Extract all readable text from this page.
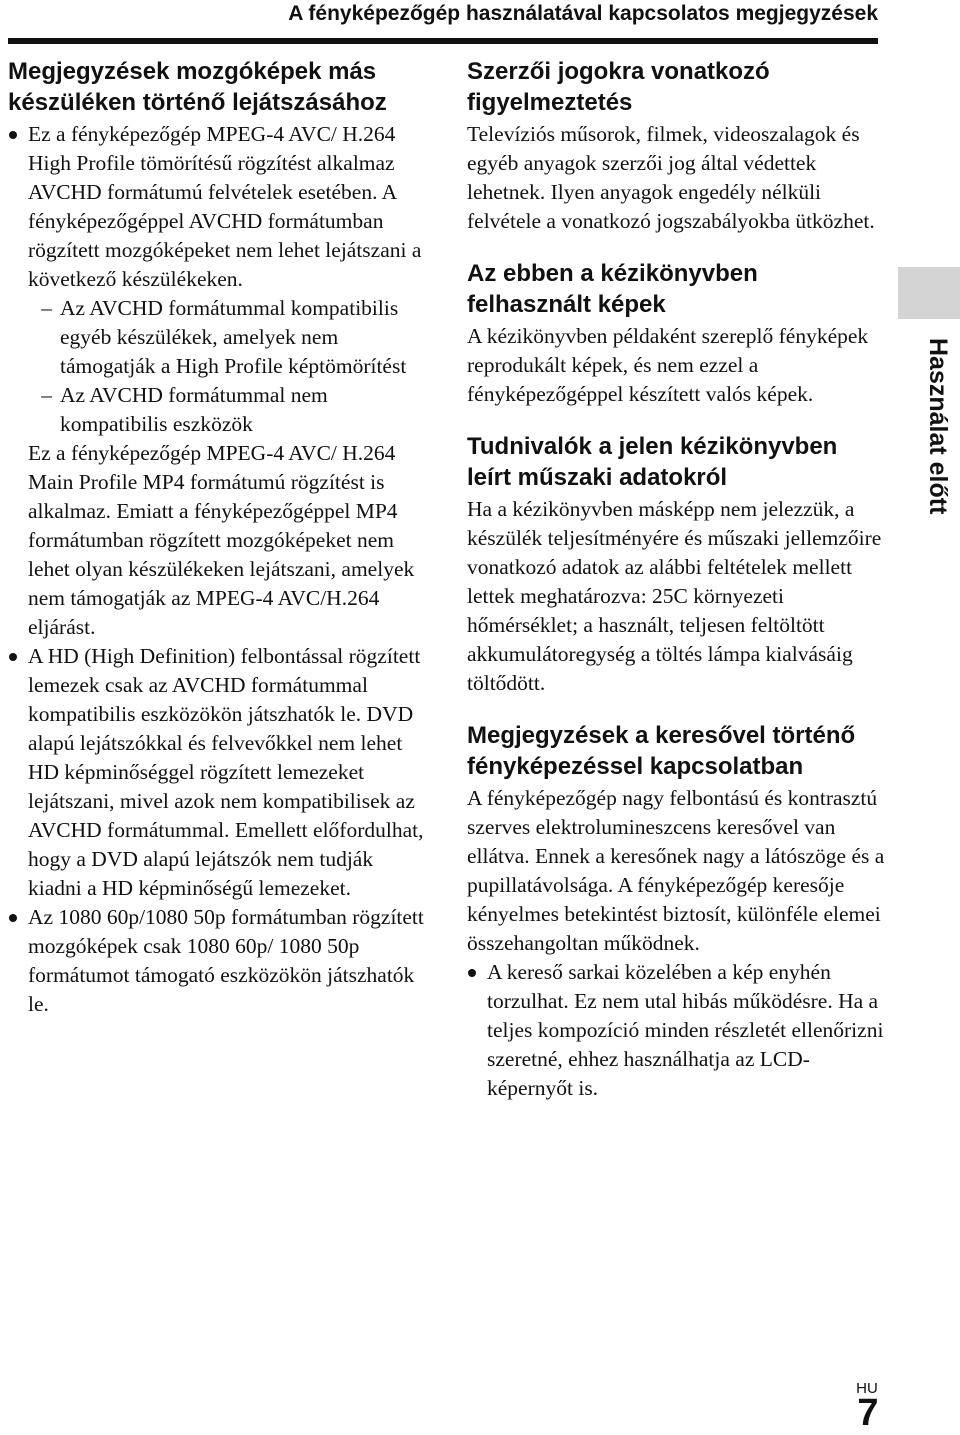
A fényképezőgép használatával kapcsolatos megjegyzések
Megjegyzések mozgóképek más készüléken történő lejátszásához

Ez a fényképezőgép MPEG-4 AVC/ H.264 High Profile tömörítésű rögzítést alkalmaz AVCHD formátumú felvételek esetében. A fényképezőgéppel AVCHD formátumban rögzített mozgóképeket nem lehet lejátszani a következő készülékeken.

– Az AVCHD formátummal kompatibilis egyéb készülékek, amelyek nem támogatják a High Profile képtömörítést
– Az AVCHD formátummal nem kompatibilis eszközök

Ez a fényképezőgép MPEG-4 AVC/ H.264 Main Profile MP4 formátumú rögzítést is alkalmaz. Emiatt a fényképezőgéppel MP4 formátumban rögzített mozgóképeket nem lehet olyan készülékeken lejátszani, amelyek nem támogatják az MPEG-4 AVC/H.264 eljárást.

A HD (High Definition) felbontással rögzített lemezek csak az AVCHD formátummal kompatibilis eszközökön játszhatók le. DVD alapú lejátszókkal és felvevőkkel nem lehet HD képminőséggel rögzített lemezeket lejátszani, mivel azok nem kompatibilisek az AVCHD formátummal. Emellett előfordulhat, hogy a DVD alapú lejátszók nem tudják kiadni a HD képminőségű lemezeket.

Az 1080 60p/1080 50p formátumban rögzített mozgóképek csak 1080 60p/ 1080 50p formátumot támogató eszközökön játszhatók le.

Szerzői jogokra vonatkozó figyelmeztetés

Televíziós műsorok, filmek, videoszalagok és egyéb anyagok szerzői jog által védettek lehetnek. Ilyen anyagok engedély nélküli felvétele a vonatkozó jogszabályokba ütközhet.

Az ebben a kézikönyvben felhasznált képek

A kézikönyvben példaként szereplő fényképek reprodukált képek, és nem ezzel a fényképezőgéppel készített valós képek.

Tudnivalók a jelen kézikönyvben leírt műszaki adatokról

Ha a kézikönyvben másképp nem jelezzük, a készülék teljesítményére és műszaki jellemzőire vonatkozó adatok az alábbi feltételek mellett lettek meghatározva: 25C környezeti hőmérséklet; a használt, teljesen feltöltött akkumulátoregység a töltés lámpa kialvásáig töltődött.

Megjegyzések a keresővel történő fényképezéssel kapcsolatban

A fényképezőgép nagy felbontású és kontrasztú szerves elektrolumineszcens keresővel van ellátva. Ennek a keresőnek nagy a látószöge és a pupillatávolsága. A fényképezőgép keresője kényelmes betekintést biztosít, különféle elemei összehangoltan működnek.

A kereső sarkai közelében a kép enyhén torzulhat. Ez nem utal hibás működésre. Ha a teljes kompozíció minden részletét ellenőrizni szeretné, ehhez használhatja az LCD-képernyőt is.

Használat előtt
HU
7
